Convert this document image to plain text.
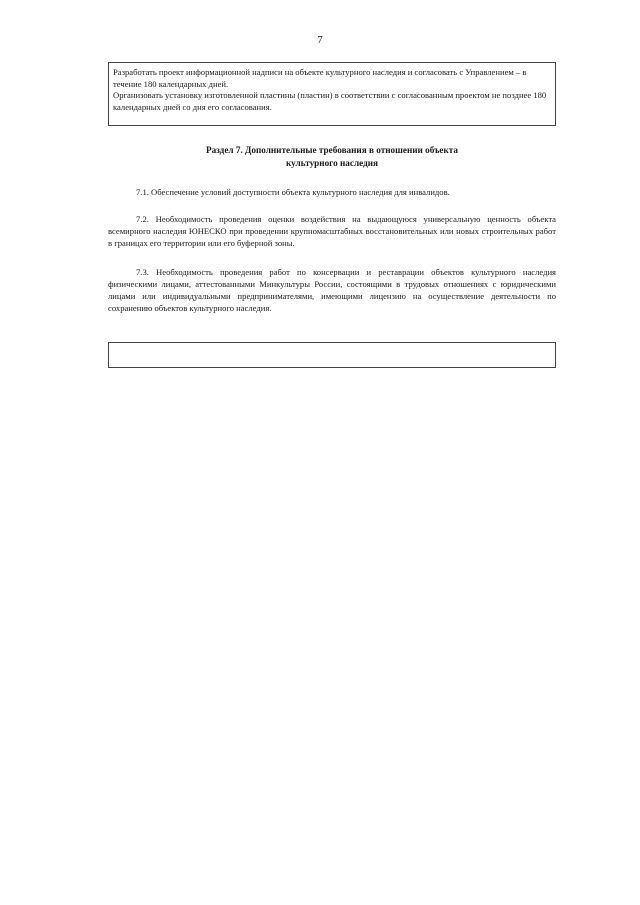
7

Разработать проект информационной надписи на объекте культурного наследия и согласовать с Управлением – в течение 180 календарных дней.

Организовать установку изготовленной пластины (пластин) в соответствии с согласованным проектом не позднее 180 календарных дней со дня его согласования.

Раздел 7. Дополнительные требования в отношении объекта
культурного наследия

7.1. Обеспечение условий доступности объекта культурного наследия для инвалидов.

7.2. Необходимость проведения оценки воздействия на выдающуюся универсальную ценность объекта всемирного наследия ЮНЕСКО при проведении крупномасштабных восстановительных или новых строительных работ в границах его территории или его буферной зоны.

7.3. Необходимость проведения работ по консервации и реставрации объектов культурного наследия физическими лицами, аттестованными Минкультуры России, состоящими в трудовых отношениях с юридическими лицами или индивидуальными предпринимателями, имеющими лицензию на осуществление деятельности по сохранению объектов культурного наследия.
